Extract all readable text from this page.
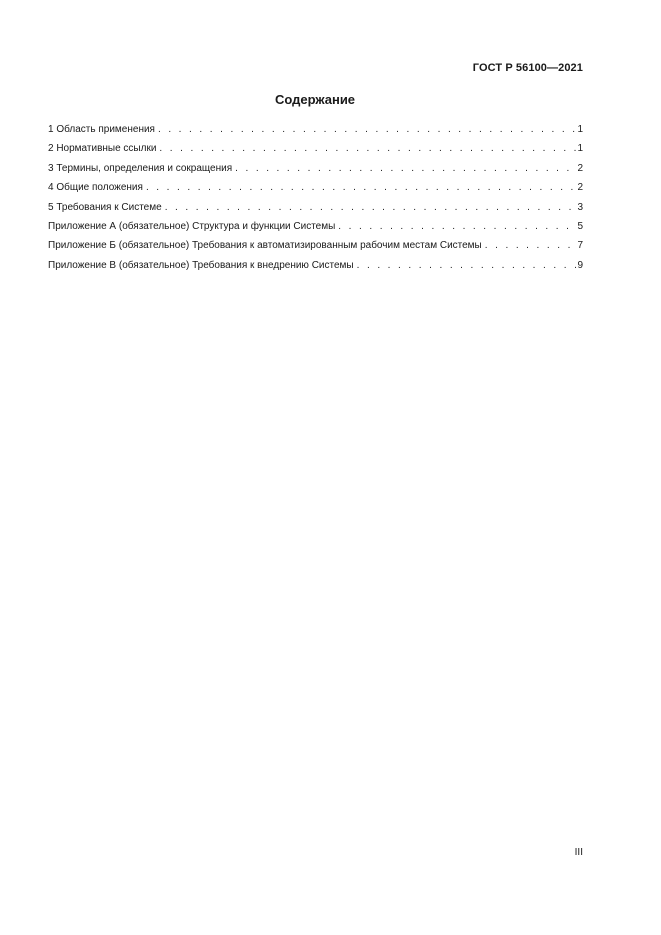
ГОСТ Р 56100—2021
Содержание
1 Область применения . . .	1
2 Нормативные ссылки . . .	1
3 Термины, определения и сокращения . . .	2
4 Общие положения . . .	2
5 Требования к Системе . . .	3
Приложение А (обязательное) Структура и функции Системы . . .	5
Приложение Б (обязательное) Требования к автоматизированным рабочим местам Системы . . .	7
Приложение В (обязательное) Требования к внедрению Системы . . .	9
III
